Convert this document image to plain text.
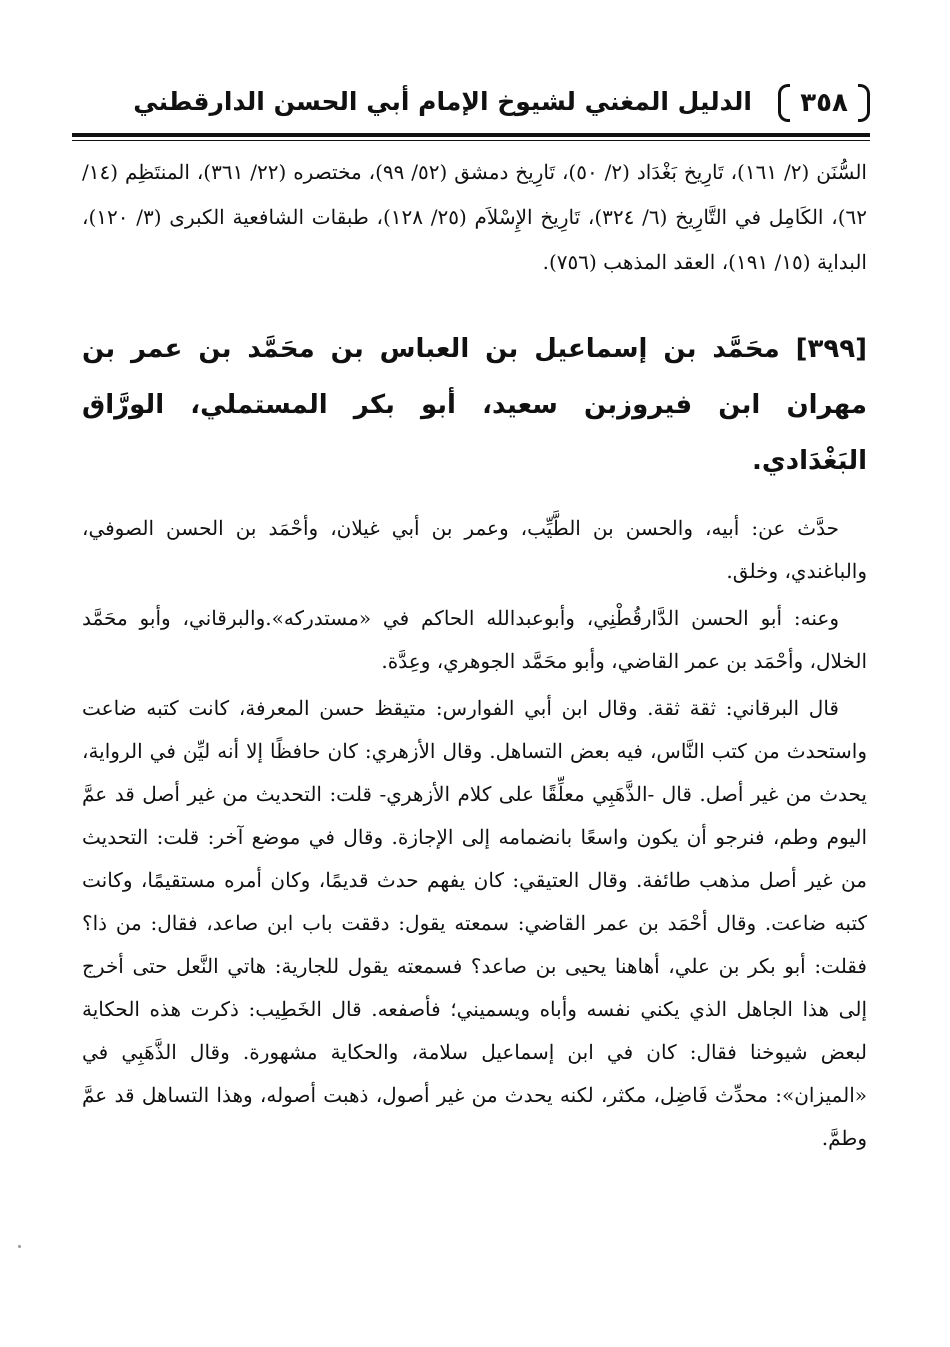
٣٥٨
الدليل المغني لشيوخ الإمام أبي الحسن الدارقطني

السُّنَن (٢/ ١٦١)، تَارِيخ بَغْدَاد (٢/ ٥٠)، تَارِيخ دمشق (٥٢/ ٩٩)، مختصره (٢٢/ ٣٦١)، المنتَظِم (١٤/ ٦٢)، الكَامِل في التَّارِيخ (٦/ ٣٢٤)، تَارِيخ الإِسْلاَم (٢٥/ ١٢٨)، طبقات الشافعية الكبرى (٣/ ١٢٠)، البداية (١٥/ ١٩١)، العقد المذهب (٧٥٦).

[٣٩٩] محَمَّد بن إسماعيل بن العباس بن محَمَّد بن عمر بن مهران ابن فيروزبن سعيد، أبو بكر المستملي، الورَّاق البَغْدَادي.

حدَّث عن: أبيه، والحسن بن الطَّيِّب، وعمر بن أبي غيلان، وأحْمَد بن الحسن الصوفي، والباغندي، وخلق.

وعنه: أبو الحسن الدَّارقُطْنِي، وأبوعبدالله الحاكم في «مستدركه».والبرقاني، وأبو محَمَّد الخلال، وأحْمَد بن عمر القاضي، وأبو محَمَّد الجوهري، وعِدَّة.

قال البرقاني: ثقة ثقة. وقال ابن أبي الفوارس: متيقظ حسن المعرفة، كانت كتبه ضاعت واستحدث من كتب النَّاس، فيه بعض التساهل. وقال الأزهري: كان حافظًا إلا أنه ليِّن في الرواية، يحدث من غير أصل. قال -الذَّهَبِي معلِّقًا على كلام الأزهري- قلت: التحديث من غير أصل قد عمَّ اليوم وطم، فنرجو أن يكون واسعًا بانضمامه إلى الإجازة. وقال في موضع آخر: قلت: التحديث من غير أصل مذهب طائفة. وقال العتيقي: كان يفهم حدث قديمًا، وكان أمره مستقيمًا، وكانت كتبه ضاعت. وقال أحْمَد بن عمر القاضي: سمعته يقول: دققت باب ابن صاعد، فقال: من ذا؟ فقلت: أبو بكر بن علي، أهاهنا يحيى بن صاعد؟ فسمعته يقول للجارية: هاتي النَّعل حتى أخرج إلى هذا الجاهل الذي يكني نفسه وأباه ويسميني؛ فأصفعه. قال الخَطِيب: ذكرت هذه الحكاية لبعض شيوخنا فقال: كان في ابن إسماعيل سلامة، والحكاية مشهورة. وقال الذَّهَبِي في «الميزان»: محدِّث فَاضِل، مكثر، لكنه يحدث من غير أصول، ذهبت أصوله، وهذا التساهل قد عمَّ وطمَّ.
